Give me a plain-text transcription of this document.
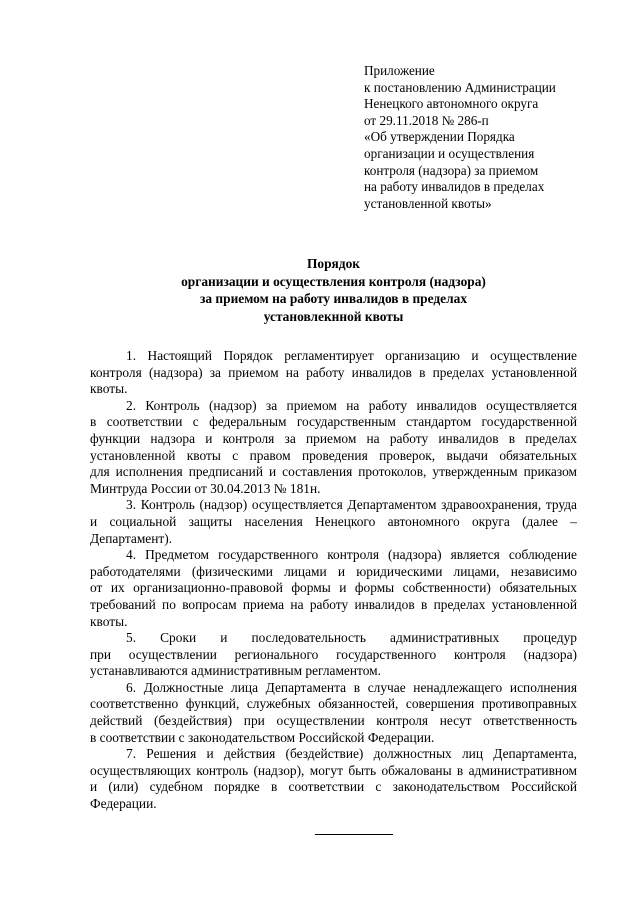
Приложение
к постановлению Администрации
Ненецкого автономного округа
от 29.11.2018 № 286-п
«Об утверждении Порядка
организации и осуществления
контроля (надзора) за приемом
на работу инвалидов в пределах
установленной квоты»
Порядок
организации и осуществления контроля (надзора)
за приемом на работу инвалидов в пределах
установлекнной квоты
1. Настоящий Порядок регламентирует организацию и осуществление
контроля (надзора) за приемом на работу инвалидов в пределах установленной
квоты.
2. Контроль (надзор) за приемом на работу инвалидов осуществляется
в соответствии с федеральным государственным стандартом государственной
функции надзора и контроля за приемом на работу инвалидов в пределах
установленной квоты с правом проведения проверок, выдачи обязательных
для исполнения предписаний и составления протоколов, утвержденным приказом
Минтруда России от 30.04.2013 № 181н.
3. Контроль (надзор) осуществляется Департаментом здравоохранения, труда
и социальной защиты населения Ненецкого автономного округа (далее –
Департамент).
4. Предметом государственного контроля (надзора) является соблюдение
работодателями (физическими лицами и юридическими лицами, независимо
от их организационно-правовой формы и формы собственности) обязательных
требований по вопросам приема на работу инвалидов в пределах установленной
квоты.
5. Сроки и последовательность административных процедур
при осуществлении регионального государственного контроля (надзора)
устанавливаются административным регламентом.
6. Должностные лица Департамента в случае ненадлежащего исполнения
соответственно функций, служебных обязанностей, совершения противоправных
действий (бездействия) при осуществлении контроля несут ответственность
в соответствии с законодательством Российской Федерации.
7. Решения и действия (бездействие) должностных лиц Департамента,
осуществляющих контроль (надзор), могут быть обжалованы в административном
и (или) судебном порядке в соответствии с законодательством Российской
Федерации.
